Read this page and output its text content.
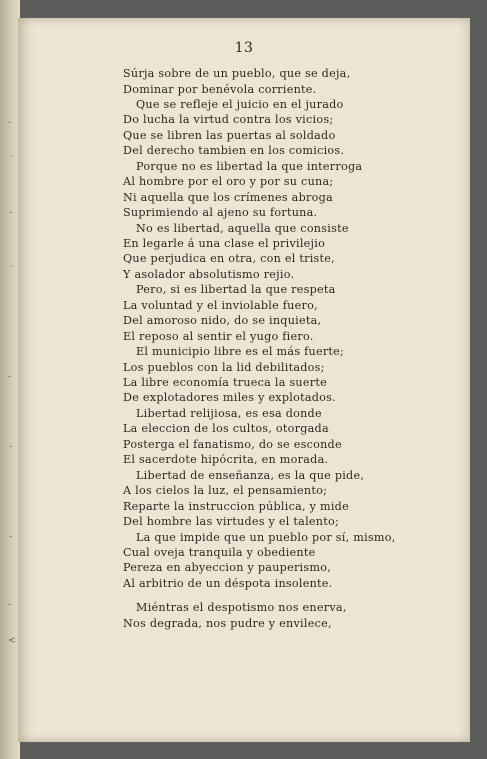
-
·
-
·
-
-
-
-
<
13
Súrja sobre de un pueblo, que se deja,
Dominar por benévola corriente.
Que se refleje el juicio en el jurado
Do lucha la virtud contra los vicios;
Que se libren las puertas al soldado
Del derecho tambien en los comicios.
Porque no es libertad la que interroga
Al hombre por el oro y por su cuna;
Ni aquella que los crímenes abroga
Suprimiendo al ajeno su fortuna.
No es libertad, aquella que consiste
En legarle á una clase el privilejio
Que perjudica en otra, con el triste,
Y asolador absolutismo rejio.
Pero, si es libertad la que respeta
La voluntad y el inviolable fuero,
Del amoroso nido, do se inquieta,
El reposo al sentir el yugo fiero.
El municipio libre es el más fuerte;
Los pueblos con la lid debilitados;
La libre economía trueca la suerte
De explotadores miles y explotados.
Libertad relijiosa, es esa donde
La eleccion de los cultos, otorgada
Posterga el fanatismo, do se esconde
El sacerdote hipócrita, en morada.
Libertad de enseñanza, es la que pide,
A los cielos la luz, el pensamiento;
Reparte la instruccion pública, y mide
Del hombre las virtudes y el talento;
La que impide que un pueblo por sí, mismo,
Cual oveja tranquila y obediente
Pereza en abyeccion y pauperismo,
Al arbitrio de un déspota insolente.
Miéntras el despotismo nos enerva,
Nos degrada, nos pudre y envilece,
